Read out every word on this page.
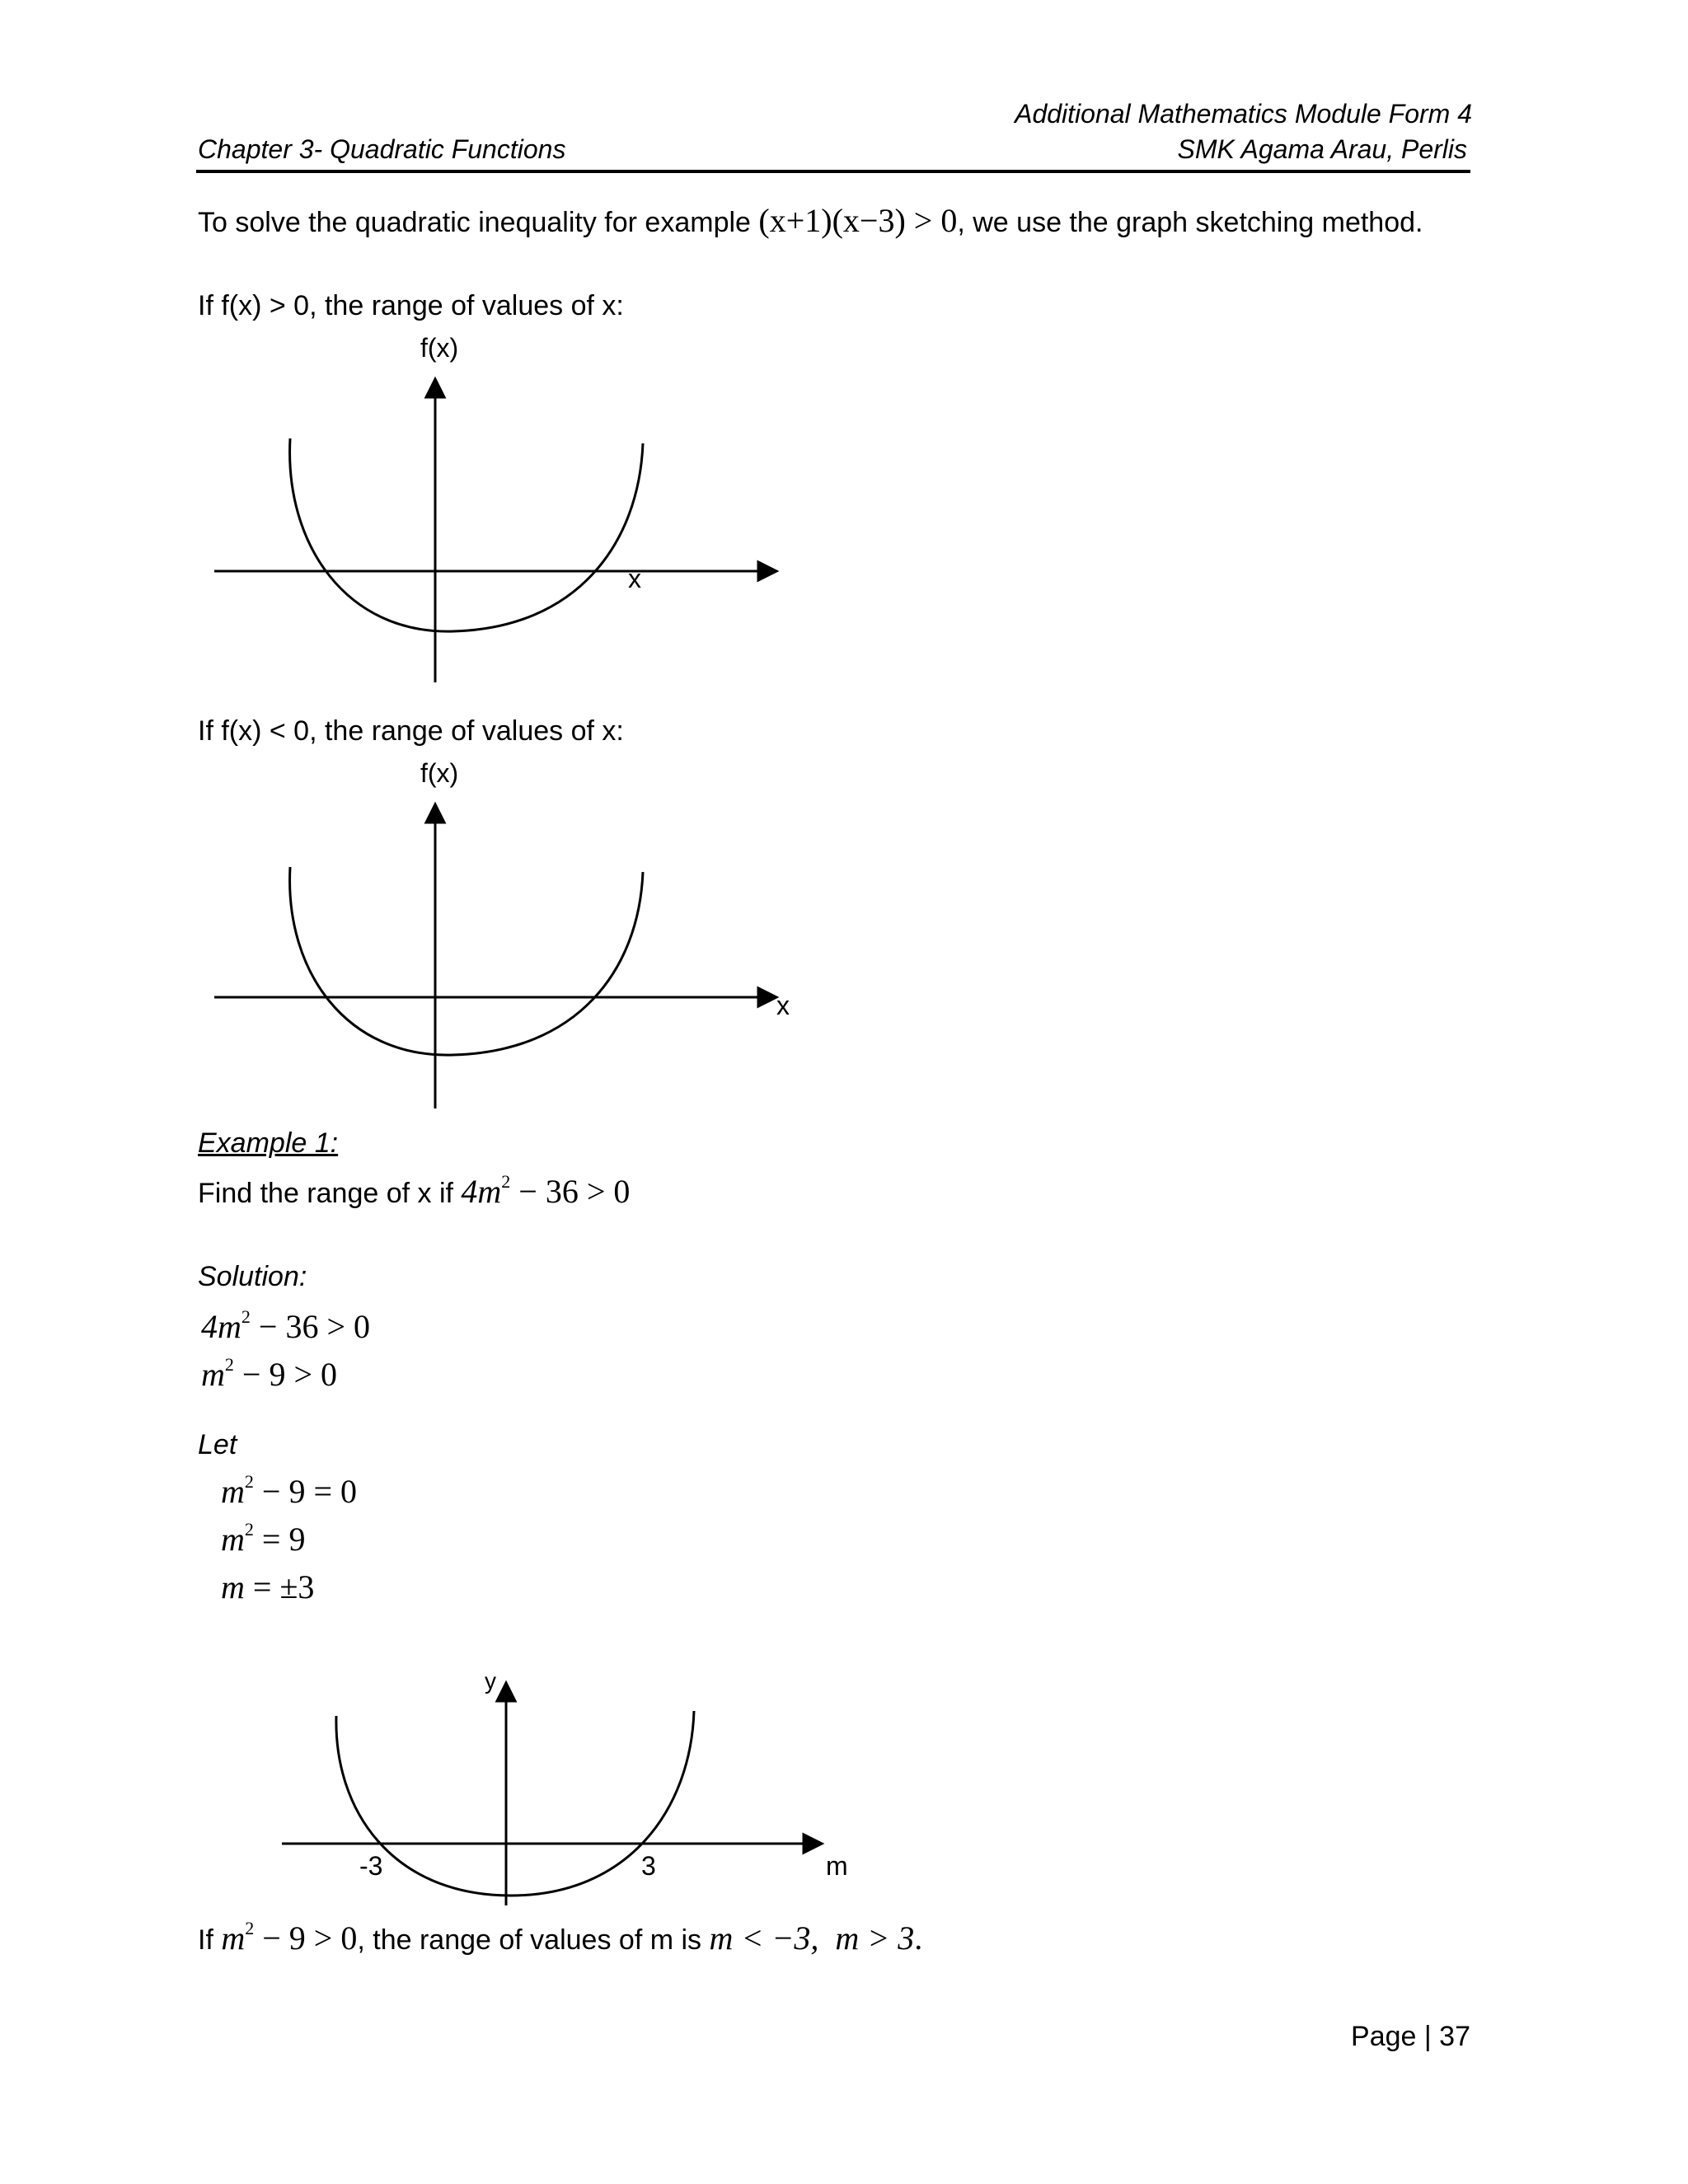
Additional Mathematics Module Form 4
Chapter 3- Quadratic Functions	SMK Agama Arau, Perlis
To solve the quadratic inequality for example (x+1)(x−3) > 0, we use the graph sketching method.
If f(x) > 0, the range of values of x:
f(x)
x
If f(x) < 0, the range of values of x:
f(x)
x
Example 1:
Find the range of x if $4m^2 - 36 > 0$
Solution:
$4m^2 - 36 > 0$
$m^2 - 9 > 0$
Let
$m^2 - 9 = 0$
$m^2 = 9$
m = ±3
y
-3	3	m
If $m^2 - 9 > 0$, the range of values of m is m < −3,  m > 3.
Page | 37
